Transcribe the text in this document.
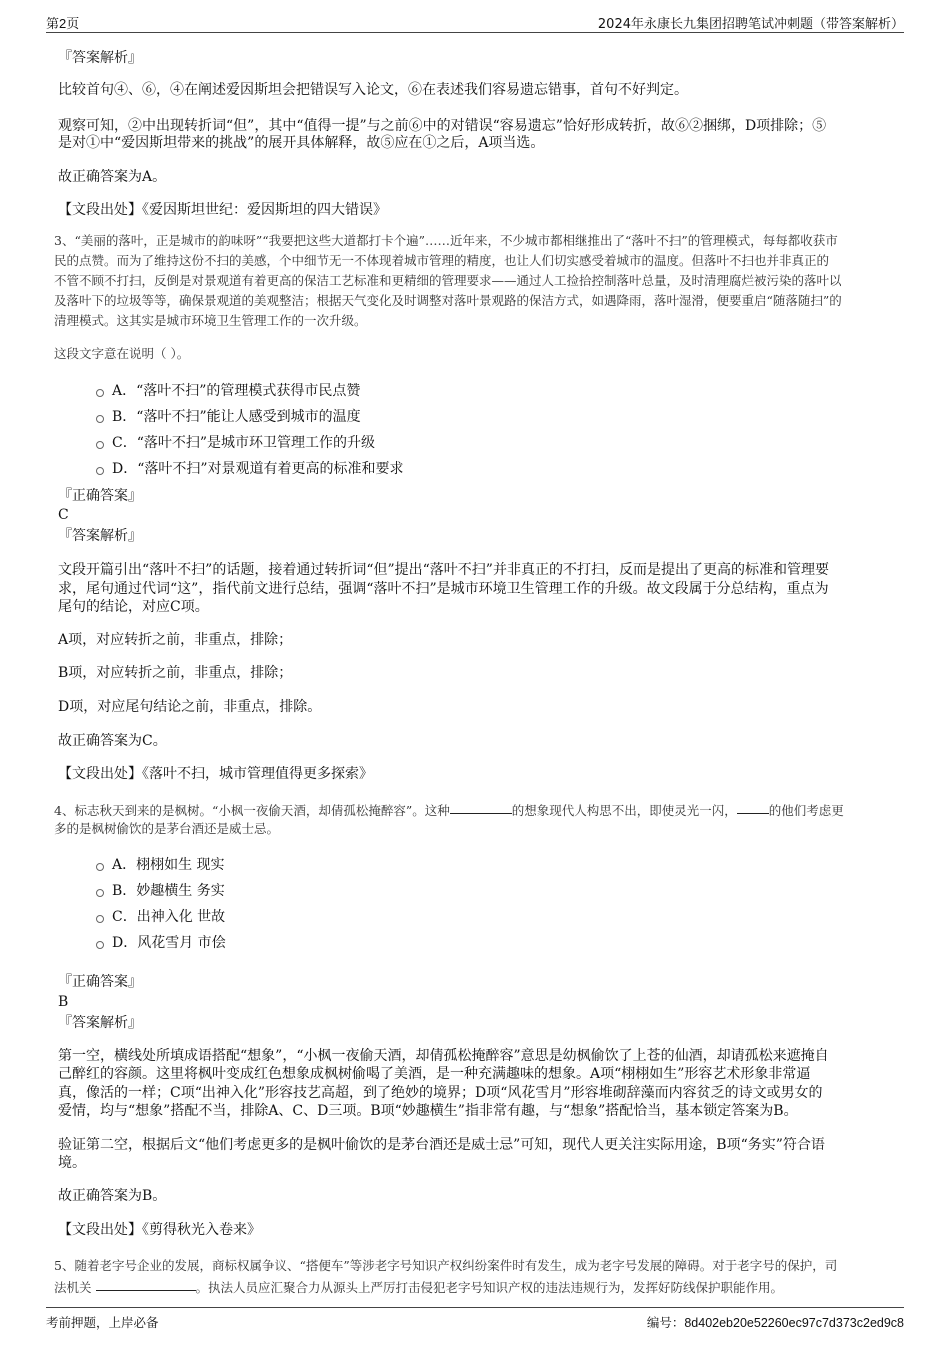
第2页	2024年永康长九集团招聘笔试冲刺题（带答案解析）
『答案解析』
比较首句④、⑥，④在阐述爱因斯坦会把错误写入论文，⑥在表述我们容易遗忘错事，首句不好判定。
观察可知，②中出现转折词“但”，其中“值得一提”与之前⑥中的对错误“容易遗忘”恰好形成转折，故⑥②捆绑，D项排除；⑤
是对①中“爱因斯坦带来的挑战”的展开具体解释，故⑤应在①之后，A项当选。
故正确答案为A。
【文段出处】《爱因斯坦世纪：爱因斯坦的四大错误》
3、“美丽的落叶，正是城市的韵味呀”“我要把这些大道都打卡个遍”……近年来，不少城市都相继推出了“落叶不扫”的管理模式，每每都收获市
民的点赞。而为了维持这份不扫的美感，个中细节无一不体现着城市管理的精度，也让人们切实感受着城市的温度。但落叶不扫也并非真正的
不管不顾不打扫，反倒是对景观道有着更高的保洁工艺标准和更精细的管理要求——通过人工捡拾控制落叶总量，及时清理腐烂被污染的落叶以
及落叶下的垃圾等等，确保景观道的美观整洁；根据天气变化及时调整对落叶景观路的保洁方式，如遇降雨，落叶湿滑，便要重启“随落随扫”的
清理模式。这其实是城市环境卫生管理工作的一次升级。
这段文字意在说明（ ）。
A．“落叶不扫”的管理模式获得市民点赞
B．“落叶不扫”能让人感受到城市的温度
C．“落叶不扫”是城市环卫管理工作的升级
D．“落叶不扫”对景观道有着更高的标准和要求
『正确答案』
C
『答案解析』
文段开篇引出“落叶不扫”的话题，接着通过转折词“但”提出“落叶不扫”并非真正的不打扫，反而是提出了更高的标准和管理要
求，尾句通过代词“这”，指代前文进行总结，强调“落叶不扫”是城市环境卫生管理工作的升级。故文段属于分总结构，重点为
尾句的结论，对应C项。
A项，对应转折之前，非重点，排除；
B项，对应转折之前，非重点，排除；
D项，对应尾句结论之前，非重点，排除。
故正确答案为C。
【文段出处】《落叶不扫，城市管理值得更多探索》
4、标志秋天到来的是枫树。“小枫一夜偷天酒，却倩孤松掩醉容”。这种	的想象现代人构思不出，即使灵光一闪，	的他们考虑更
多的是枫树偷饮的是茅台酒还是威士忌。
A．栩栩如生 现实
B．妙趣横生 务实
C．出神入化 世故
D．风花雪月 市侩
『正确答案』
B
『答案解析』
第一空，横线处所填成语搭配“想象”，“小枫一夜偷天酒，却倩孤松掩醉容”意思是幼枫偷饮了上苍的仙酒，却请孤松来遮掩自
己醉红的容颜。这里将枫叶变成红色想象成枫树偷喝了美酒，是一种充满趣味的想象。A项“栩栩如生”形容艺术形象非常逼
真，像活的一样；C项“出神入化”形容技艺高超，到了绝妙的境界；D项“风花雪月”形容堆砌辞藻而内容贫乏的诗文或男女的
爱情，均与“想象”搭配不当，排除A、C、D三项。B项“妙趣横生”指非常有趣，与“想象”搭配恰当，基本锁定答案为B。
验证第二空，根据后文“他们考虑更多的是枫叶偷饮的是茅台酒还是威士忌”可知，现代人更关注实际用途，B项“务实”符合语
境。
故正确答案为B。
【文段出处】《剪得秋光入卷来》
5、随着老字号企业的发展，商标权属争议、“搭便车”等涉老字号知识产权纠纷案件时有发生，成为老字号发展的障碍。对于老字号的保护，司
法机关	。执法人员应汇聚合力从源头上严厉打击侵犯老字号知识产权的违法违规行为，发挥好防线保护职能作用。
考前押题，上岸必备	编号：8d402eb20e52260ec97c7d373c2ed9c8
